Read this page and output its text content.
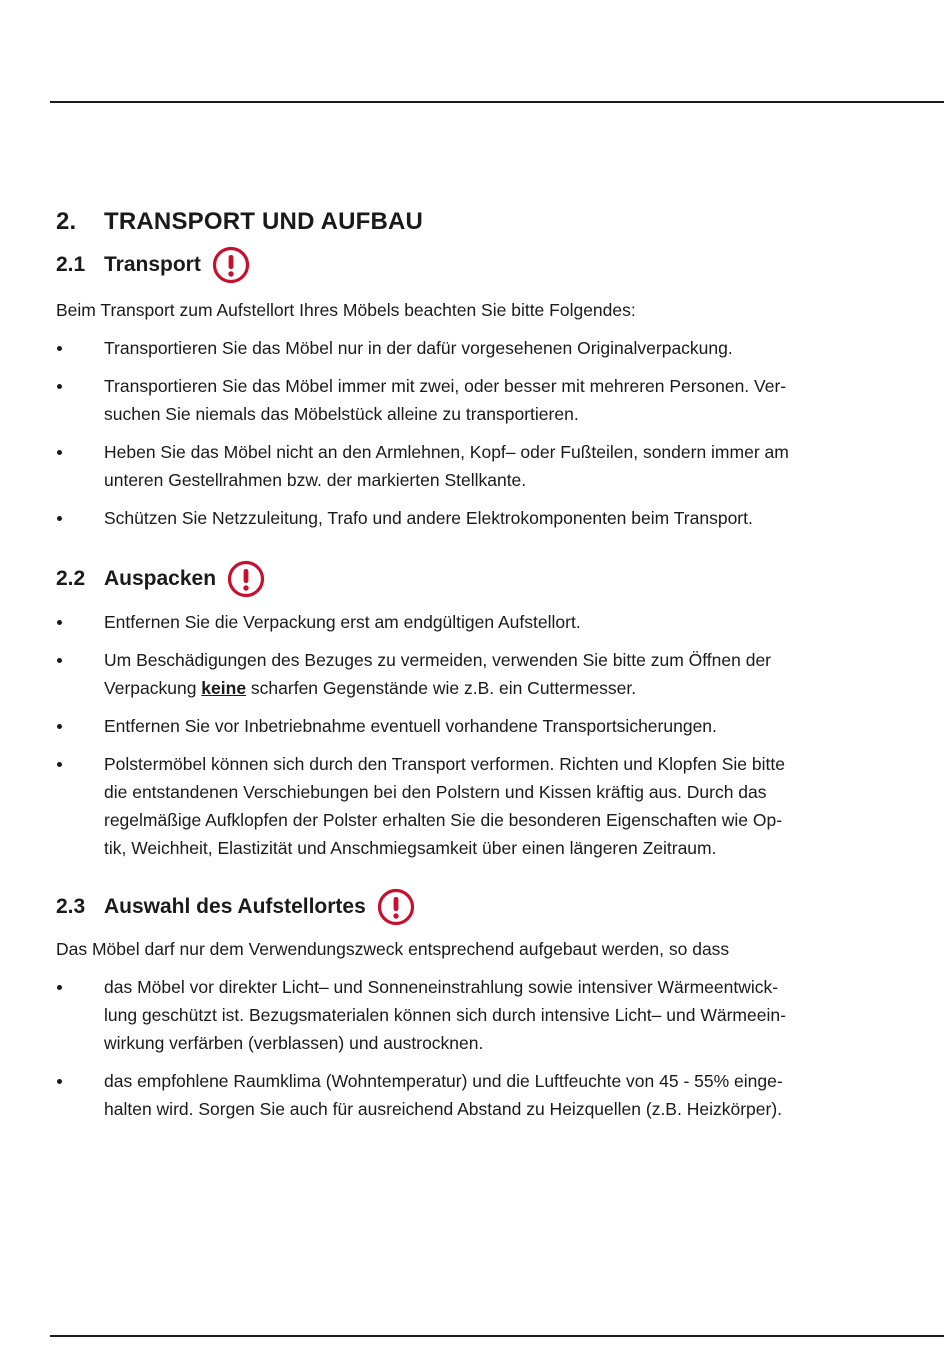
2. TRANSPORT UND AUFBAU
2.1 Transport

Beim Transport zum Aufstellort Ihres Möbels beachten Sie bitte Folgendes:

Transportieren Sie das Möbel nur in der dafür vorgesehenen Originalverpackung.
Transportieren Sie das Möbel immer mit zwei, oder besser mit mehreren Personen. Ver-
suchen Sie niemals das Möbelstück alleine zu transportieren.
Heben Sie das Möbel nicht an den Armlehnen, Kopf– oder Fußteilen, sondern immer am
unteren Gestellrahmen bzw. der markierten Stellkante.
Schützen Sie Netzzuleitung, Trafo und andere Elektrokomponenten beim Transport.
2.2 Auspacken
Entfernen Sie die Verpackung erst am endgültigen Aufstellort.
Um Beschädigungen des Bezuges zu vermeiden, verwenden Sie bitte zum Öffnen der
Verpackung keine scharfen Gegenstände wie z.B. ein Cuttermesser.
Entfernen Sie vor Inbetriebnahme eventuell vorhandene Transportsicherungen.
Polstermöbel können sich durch den Transport verformen. Richten und Klopfen Sie bitte
die entstandenen Verschiebungen bei den Polstern und Kissen kräftig aus. Durch das
regelmäßige Aufklopfen der Polster erhalten Sie die besonderen Eigenschaften wie Op-
tik, Weichheit, Elastizität und Anschmiegsamkeit über einen längeren Zeitraum.
2.3 Auswahl des Aufstellortes

Das Möbel darf nur dem Verwendungszweck entsprechend aufgebaut werden, so dass

das Möbel vor direkter Licht– und Sonneneinstrahlung sowie intensiver Wärmeentwick-
lung geschützt ist. Bezugsmaterialen können sich durch intensive Licht– und Wärmeein-
wirkung verfärben (verblassen) und austrocknen.
das empfohlene Raumklima (Wohntemperatur) und die Luftfeuchte von 45 - 55% einge-
halten wird. Sorgen Sie auch für ausreichend Abstand zu Heizquellen (z.B. Heizkörper).
